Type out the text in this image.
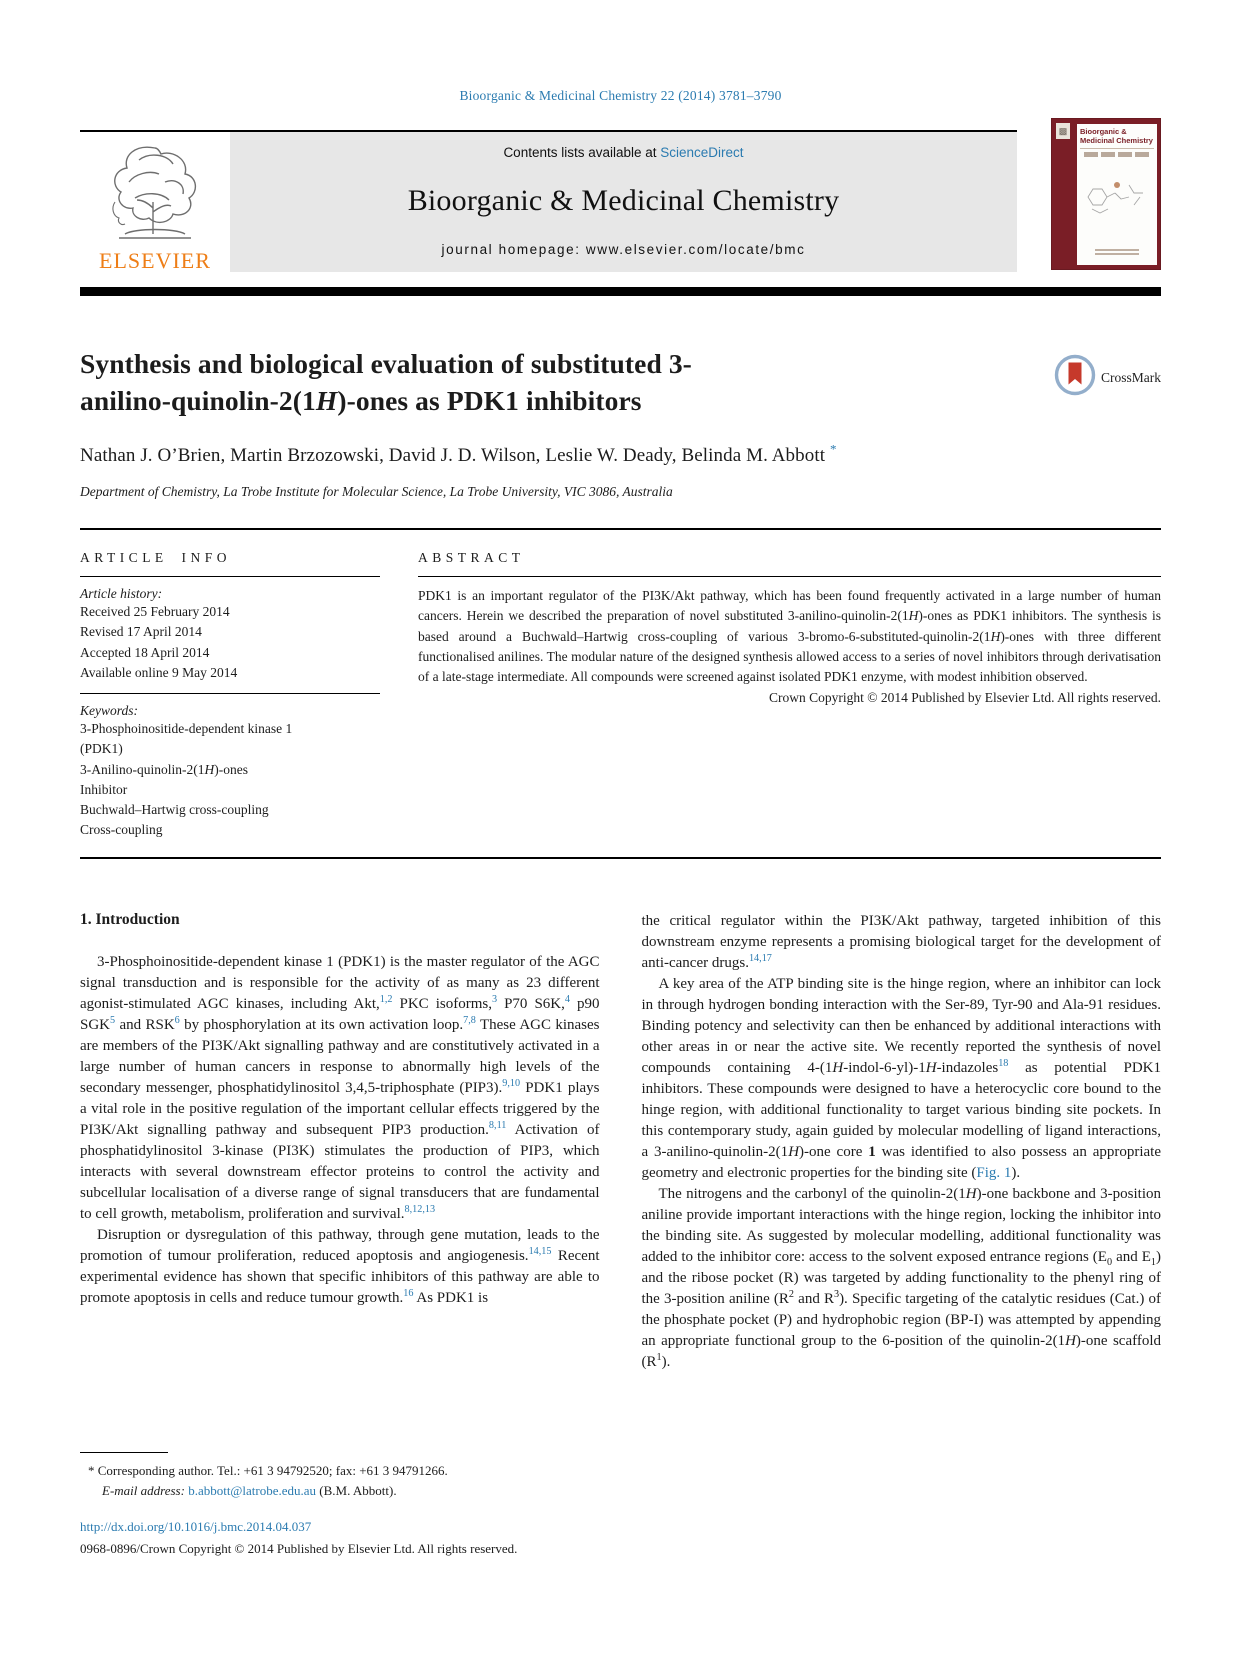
Bioorganic & Medicinal Chemistry 22 (2014) 3781–3790
ELSEVIER
Contents lists available at ScienceDirect
Bioorganic & Medicinal Chemistry
journal homepage: www.elsevier.com/locate/bmc
▩	Bioorganic & Medicinal Chemistry
Synthesis and biological evaluation of substituted 3-anilino-quinolin-2(1H)-ones as PDK1 inhibitors
CrossMark
Nathan J. O’Brien, Martin Brzozowski, David J. D. Wilson, Leslie W. Deady, Belinda M. Abbott *
Department of Chemistry, La Trobe Institute for Molecular Science, La Trobe University, VIC 3086, Australia
ARTICLE INFO
Article history:
Received 25 February 2014
Revised 17 April 2014
Accepted 18 April 2014
Available online 9 May 2014
Keywords:
3-Phosphoinositide-dependent kinase 1
(PDK1)
3-Anilino-quinolin-2(1H)-ones
Inhibitor
Buchwald–Hartwig cross-coupling
Cross-coupling
ABSTRACT
PDK1 is an important regulator of the PI3K/Akt pathway, which has been found frequently activated in a large number of human cancers. Herein we described the preparation of novel substituted 3-anilino-quinolin-2(1H)-ones as PDK1 inhibitors. The synthesis is based around a Buchwald–Hartwig cross-coupling of various 3-bromo-6-substituted-quinolin-2(1H)-ones with three different functionalised anilines. The modular nature of the designed synthesis allowed access to a series of novel inhibitors through derivatisation of a late-stage intermediate. All compounds were screened against isolated PDK1 enzyme, with modest inhibition observed.
Crown Copyright © 2014 Published by Elsevier Ltd. All rights reserved.
1. Introduction
3-Phosphoinositide-dependent kinase 1 (PDK1) is the master regulator of the AGC signal transduction and is responsible for the activity of as many as 23 different agonist-stimulated AGC kinases, including Akt,$^{1,2}$ PKC isoforms,$^3$ P70 S6K,$^4$ p90 SGK$^5$ and RSK$^6$ by phosphorylation at its own activation loop.$^{7,8}$ These AGC kinases are members of the PI3K/Akt signalling pathway and are constitutively activated in a large number of human cancers in response to abnormally high levels of the secondary messenger, phosphatidylinositol 3,4,5-triphosphate (PIP3).$^{9,10}$ PDK1 plays a vital role in the positive regulation of the important cellular effects triggered by the PI3K/Akt signalling pathway and subsequent PIP3 production.$^{8,11}$ Activation of phosphatidylinositol 3-kinase (PI3K) stimulates the production of PIP3, which interacts with several downstream effector proteins to control the activity and subcellular localisation of a diverse range of signal transducers that are fundamental to cell growth, metabolism, proliferation and survival.$^{8,12,13}$
Disruption or dysregulation of this pathway, through gene mutation, leads to the promotion of tumour proliferation, reduced apoptosis and angiogenesis.$^{14,15}$ Recent experimental evidence has shown that specific inhibitors of this pathway are able to promote apoptosis in cells and reduce tumour growth.$^{16}$ As PDK1 is
the critical regulator within the PI3K/Akt pathway, targeted inhibition of this downstream enzyme represents a promising biological target for the development of anti-cancer drugs.$^{14,17}$
A key area of the ATP binding site is the hinge region, where an inhibitor can lock in through hydrogen bonding interaction with the Ser-89, Tyr-90 and Ala-91 residues. Binding potency and selectivity can then be enhanced by additional interactions with other areas in or near the active site. We recently reported the synthesis of novel compounds containing 4-(1H-indol-6-yl)-1H-indazoles$^{18}$ as potential PDK1 inhibitors. These compounds were designed to have a heterocyclic core bound to the hinge region, with additional functionality to target various binding site pockets. In this contemporary study, again guided by molecular modelling of ligand interactions, a 3-anilino-quinolin-2(1H)-one core 1 was identified to also possess an appropriate geometry and electronic properties for the binding site (Fig. 1).
The nitrogens and the carbonyl of the quinolin-2(1H)-one backbone and 3-position aniline provide important interactions with the hinge region, locking the inhibitor into the binding site. As suggested by molecular modelling, additional functionality was added to the inhibitor core: access to the solvent exposed entrance regions ($E_0$ and $E_1$) and the ribose pocket (R) was targeted by adding functionality to the phenyl ring of the 3-position aniline ($R^2$ and $R^3$). Specific targeting of the catalytic residues (Cat.) of the phosphate pocket (P) and hydrophobic region (BP-I) was attempted by appending an appropriate functional group to the 6-position of the quinolin-2(1H)-one scaffold $(R^1)$.
* Corresponding author. Tel.: +61 3 94792520; fax: +61 3 94791266.
E-mail address: b.abbott@latrobe.edu.au (B.M. Abbott).
http://dx.doi.org/10.1016/j.bmc.2014.04.037
0968-0896/Crown Copyright © 2014 Published by Elsevier Ltd. All rights reserved.
